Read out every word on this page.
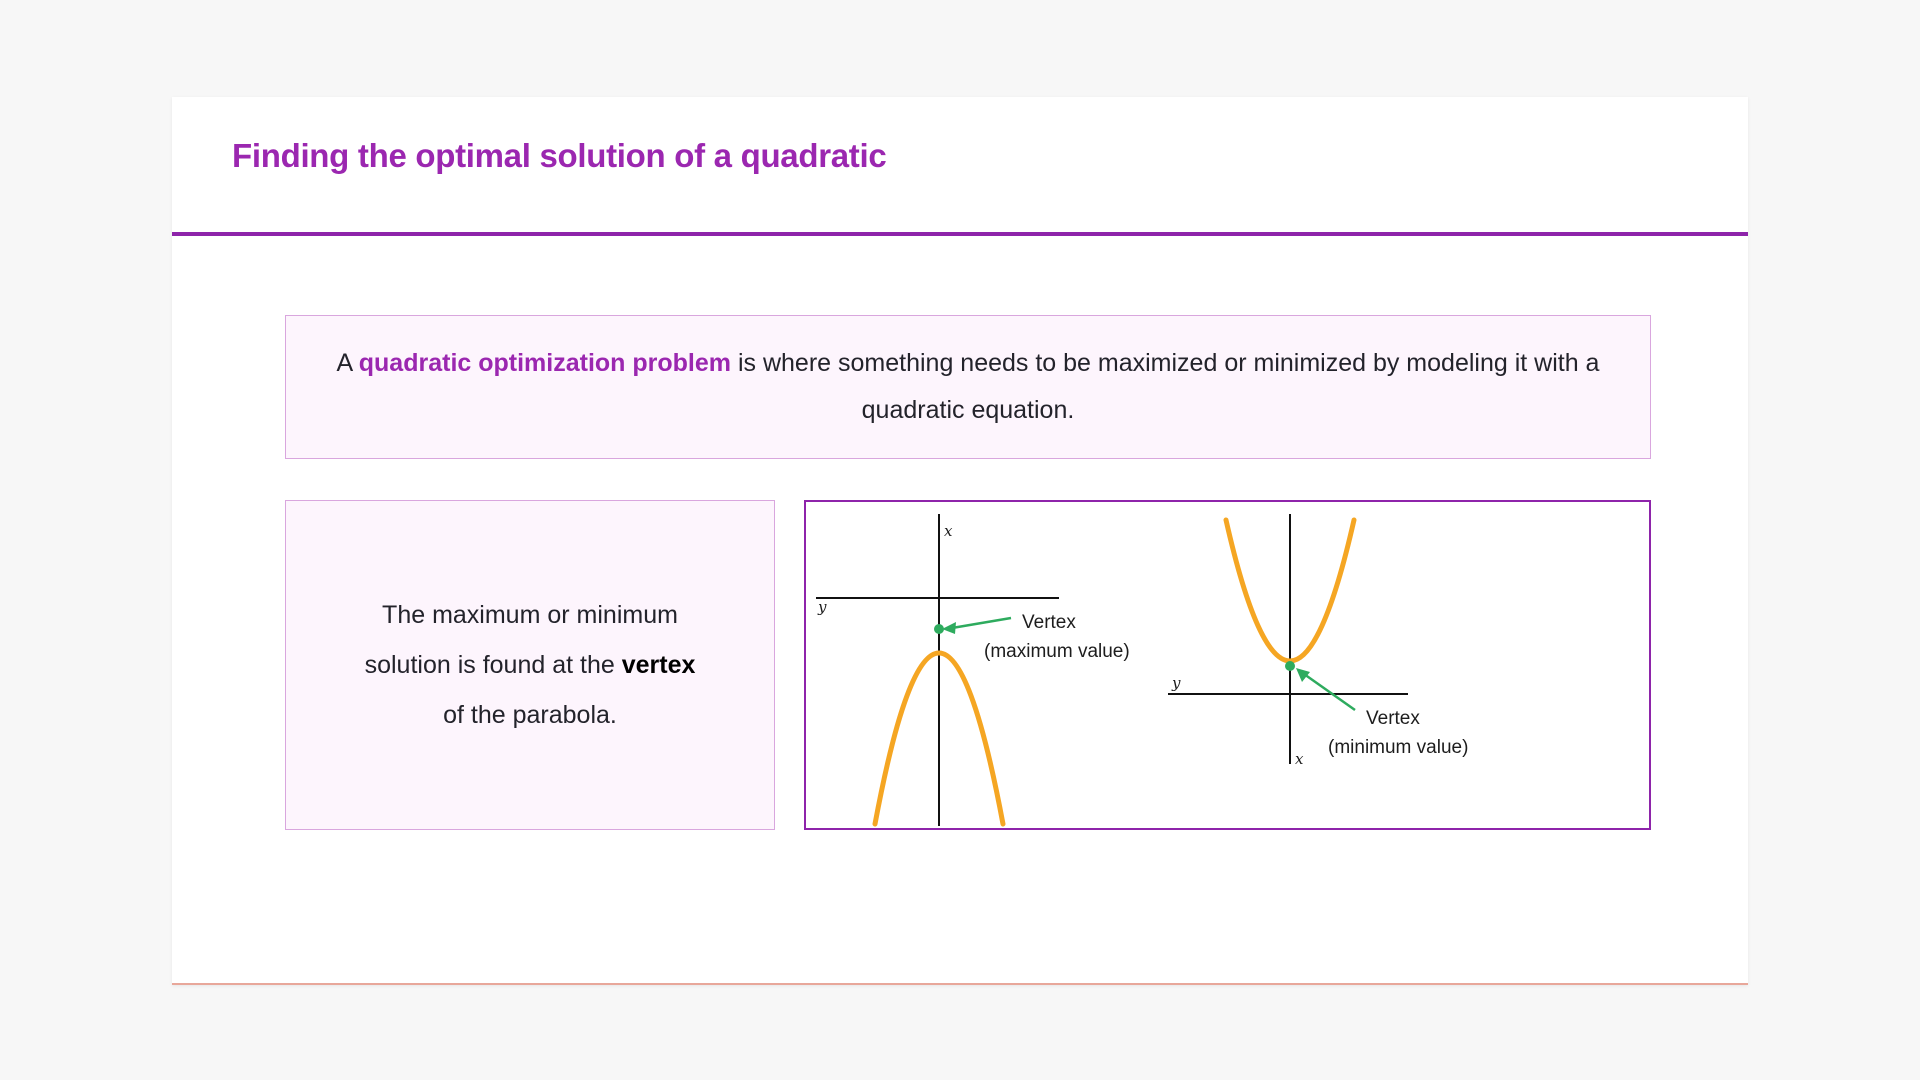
Finding the optimal solution of a quadratic
A quadratic optimization problem is where something needs to be maximized or minimized by modeling it with a quadratic equation.
The maximum or minimum
solution is found at the vertex
of the parabola.
x
y
Vertex
(maximum value)
x
y
Vertex
(minimum value)
